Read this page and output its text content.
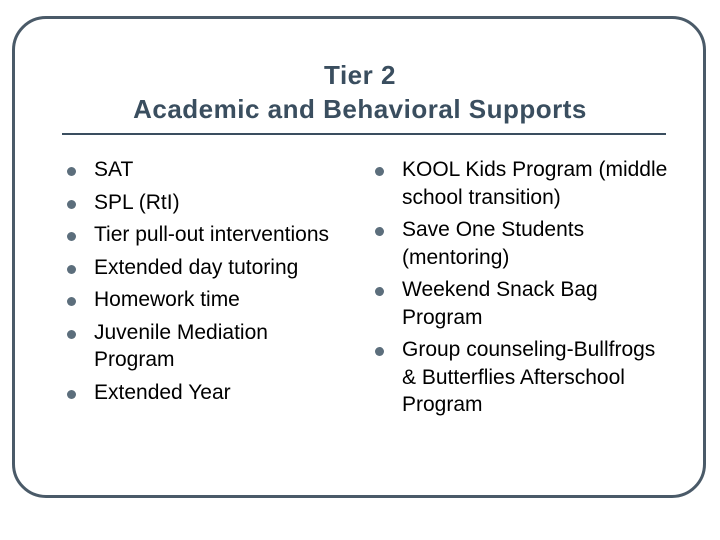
Tier 2
Academic and Behavioral Supports
SAT
SPL (RtI)
Tier pull-out interventions
Extended day tutoring
Homework time
Juvenile Mediation Program
Extended Year
KOOL Kids Program (middle school transition)
Save One Students (mentoring)
Weekend Snack Bag Program
Group counseling-Bullfrogs & Butterflies Afterschool Program
